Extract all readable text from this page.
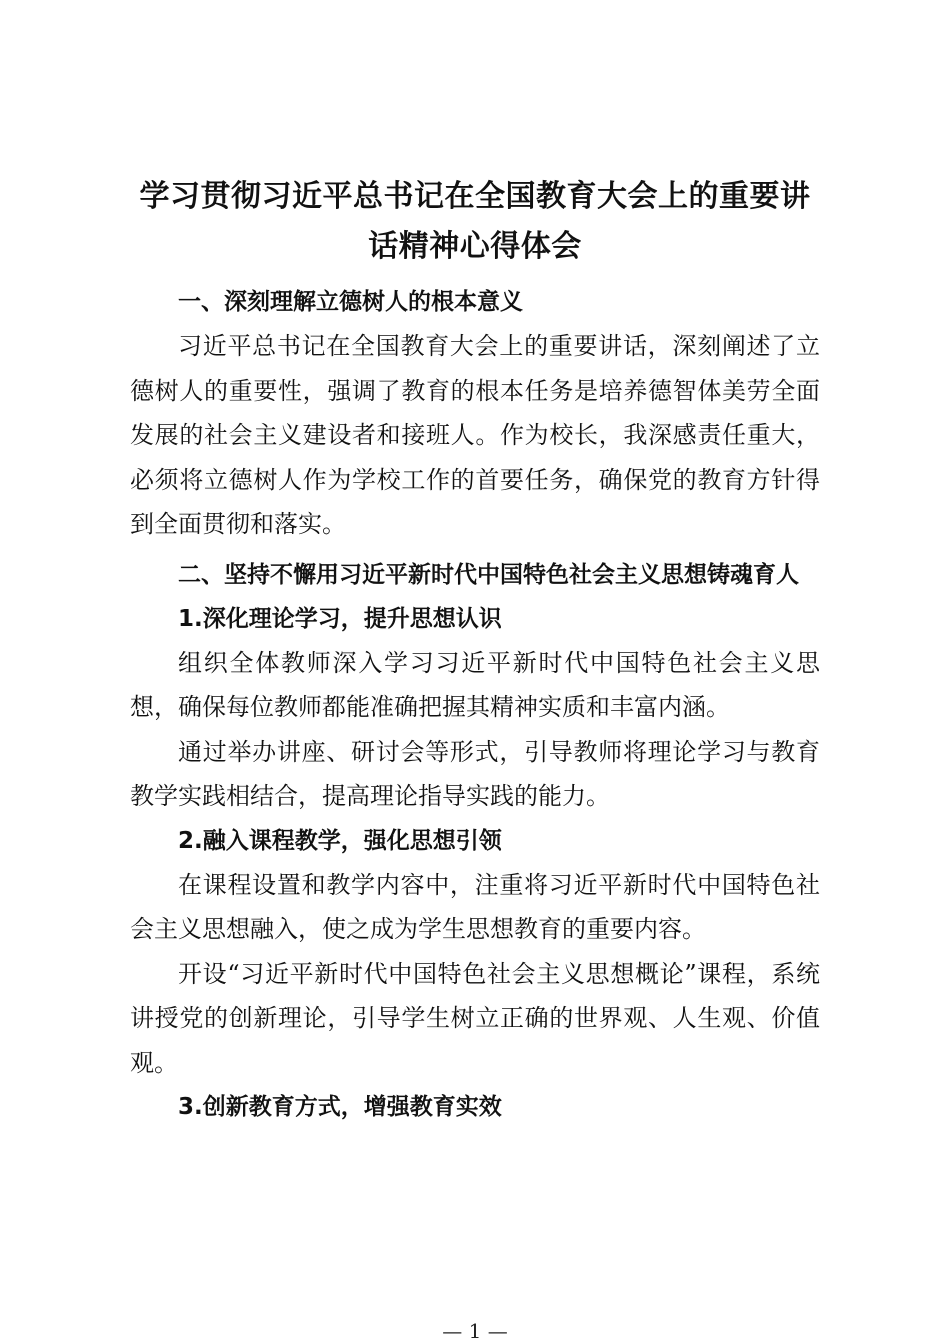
学习贯彻习近平总书记在全国教育大会上的重要讲话精神心得体会

一、深刻理解立德树人的根本意义

习近平总书记在全国教育大会上的重要讲话，深刻阐述了立德树人的重要性，强调了教育的根本任务是培养德智体美劳全面发展的社会主义建设者和接班人。作为校长，我深感责任重大，必须将立德树人作为学校工作的首要任务，确保党的教育方针得到全面贯彻和落实。

二、坚持不懈用习近平新时代中国特色社会主义思想铸魂育人

1.深化理论学习，提升思想认识

组织全体教师深入学习习近平新时代中国特色社会主义思想，确保每位教师都能准确把握其精神实质和丰富内涵。

通过举办讲座、研讨会等形式，引导教师将理论学习与教育教学实践相结合，提高理论指导实践的能力。

2.融入课程教学，强化思想引领

在课程设置和教学内容中，注重将习近平新时代中国特色社会主义思想融入，使之成为学生思想教育的重要内容。

开设“习近平新时代中国特色社会主义思想概论”课程，系统讲授党的创新理论，引导学生树立正确的世界观、人生观、价值观。

3.创新教育方式，增强教育实效

— 1 —
